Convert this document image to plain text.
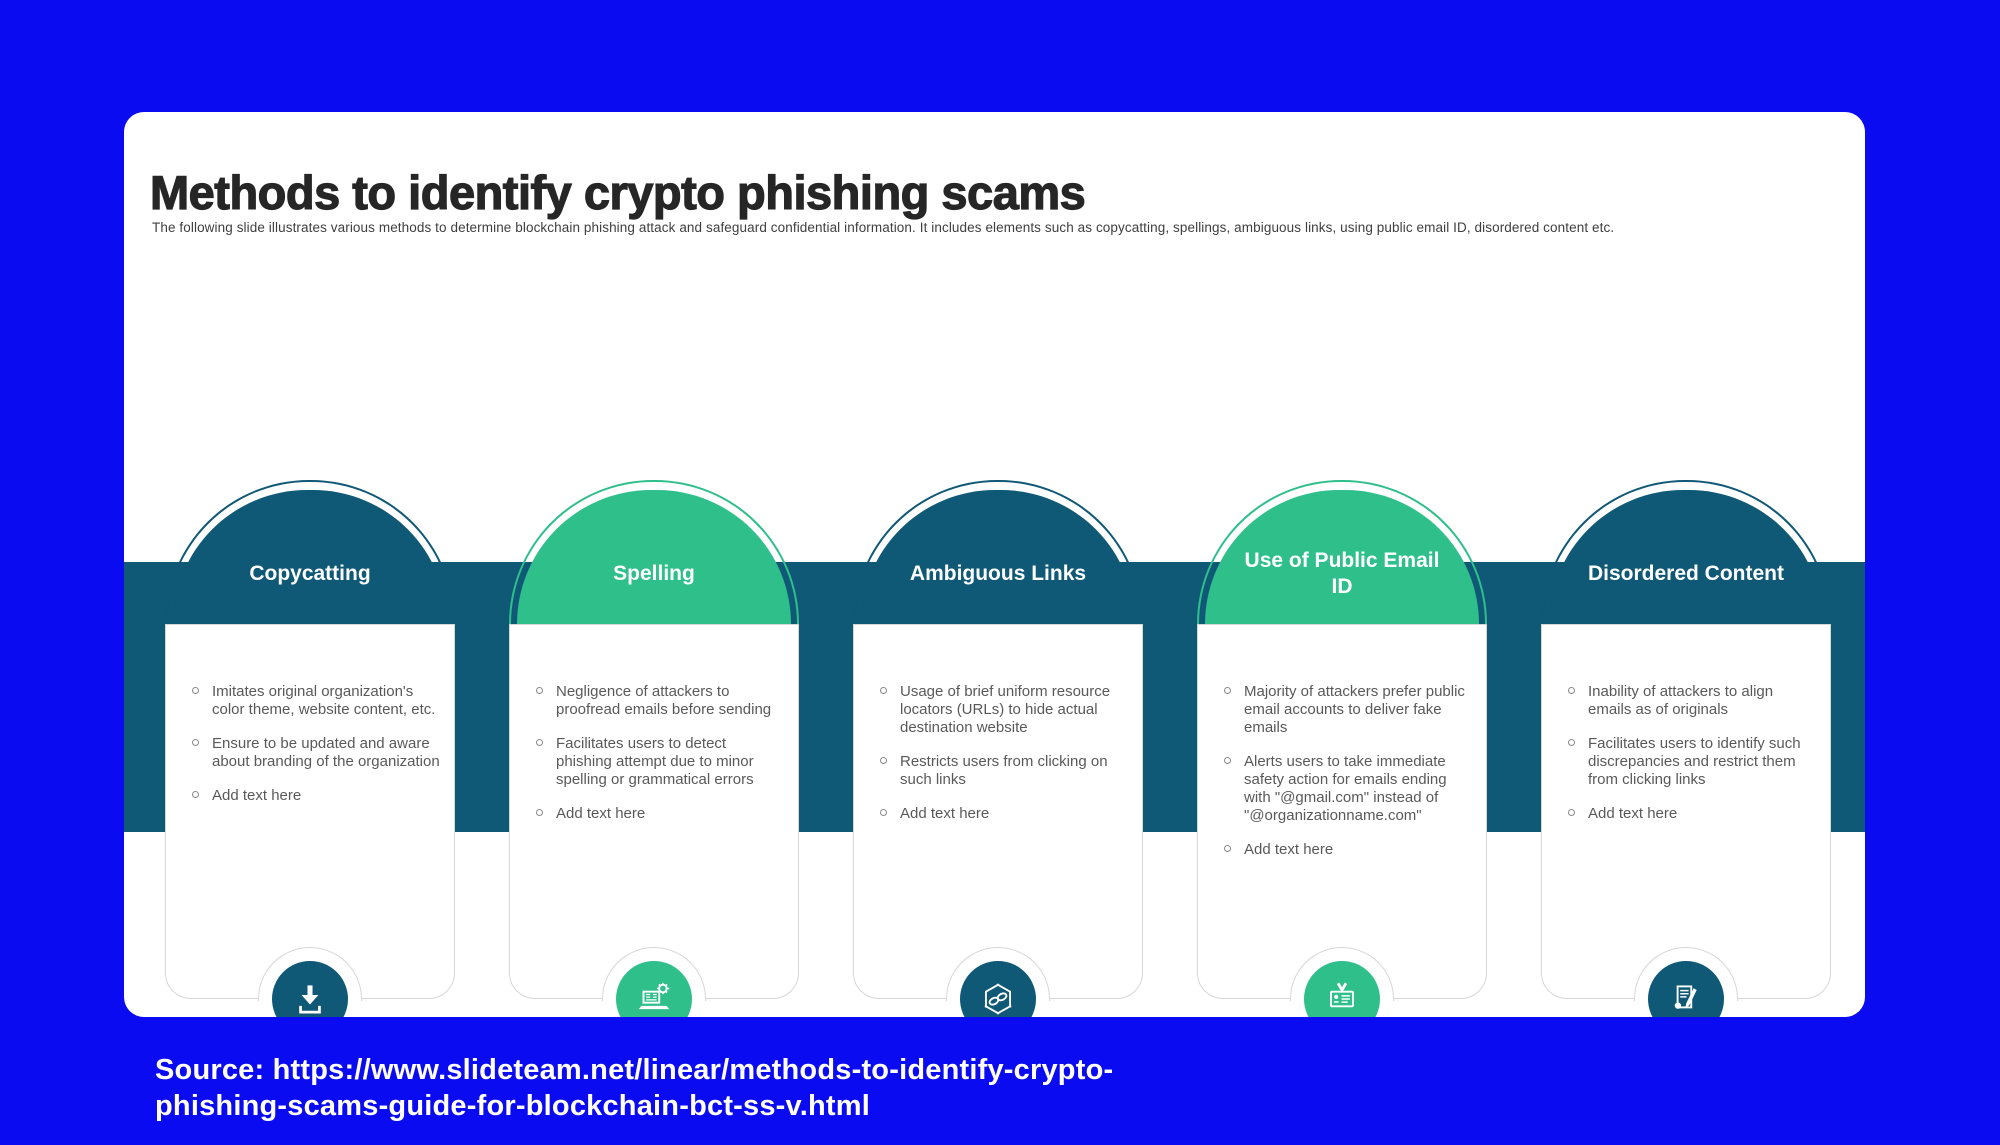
Methods to identify crypto phishing scams
The following slide illustrates various methods to determine blockchain phishing attack and safeguard confidential information. It includes elements such as copycatting, spellings, ambiguous links, using public email ID, disordered content etc.
Copycatting
Imitates original organization's color theme, website content, etc.
Ensure to be updated and aware about branding of the organization
Add text here
Spelling
Negligence of attackers to proofread emails before sending
Facilitates users to detect phishing attempt due to minor spelling or grammatical errors
Add text here
Ambiguous Links
Usage of brief uniform resource locators (URLs) to hide actual destination website
Restricts users from clicking on such links
Add text here
Use of Public Email ID
Majority of attackers prefer public email accounts to deliver fake emails
Alerts users to take immediate safety action for emails ending with "@gmail.com" instead of "@organizationname.com"
Add text here
Disordered Content
Inability of attackers to align emails as of originals
Facilitates users to identify such discrepancies and restrict them from clicking links
Add text here
Source: https://www.slideteam.net/linear/methods-to-identify-crypto-
phishing-scams-guide-for-blockchain-bct-ss-v.html
